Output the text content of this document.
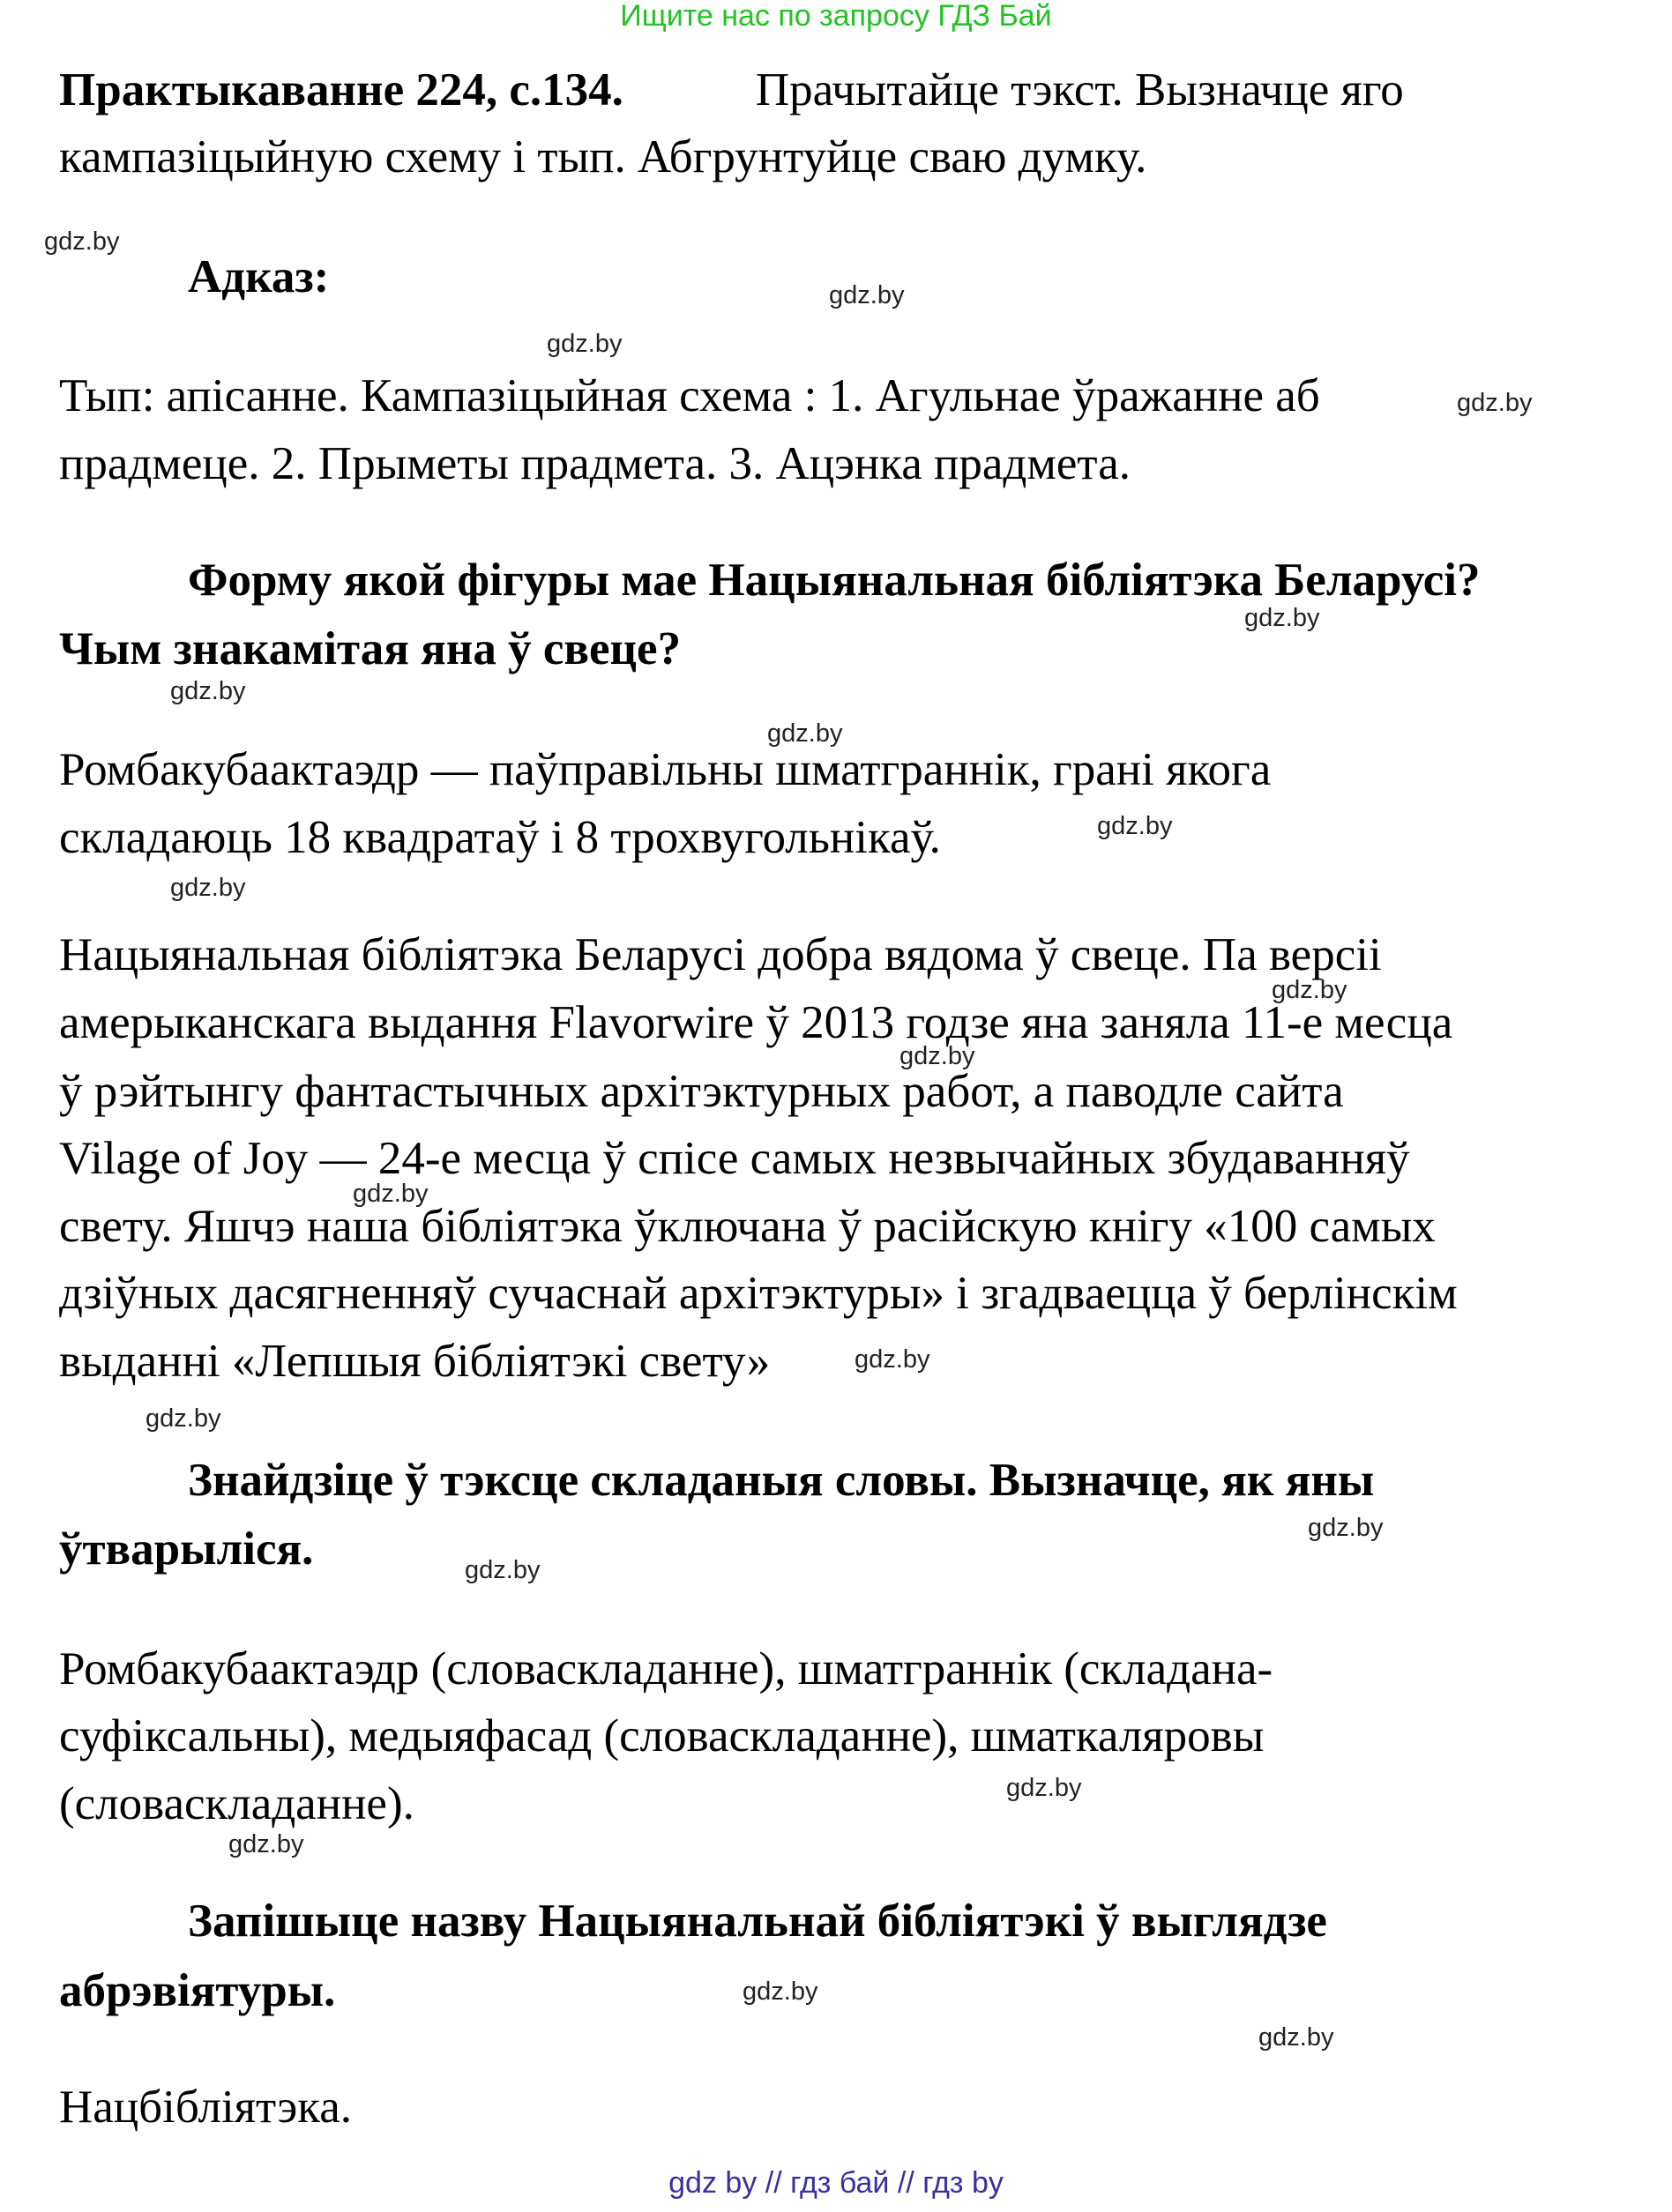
Ищите нас по запросу ГДЗ Бай
Практыкаванне 224, с.134.	Прачытайце тэкст. Вызначце яго
кампазіцыйную схему і тып. Абгрунтуйце сваю думку.
Адказ:
Тып: апісанне. Кампазіцыйная схема : 1. Агульнае ўражанне аб
прадмеце. 2. Прыметы прадмета. 3. Ацэнка прадмета.
Форму якой фігуры мае Нацыянальная бібліятэка Беларусі?
Чым знакамітая яна ў свеце?
Ромбакубаактаэдр — паўправільны шматграннік, грані якога
складаюць 18 квадратаў і 8 трохвугольнікаў.
Нацыянальная бібліятэка Беларусі добра вядома ў свеце. Па версіі
амерыканскага выдання Flavorwire ў 2013 годзе яна заняла 11-е месца
ў рэйтынгу фантастычных архітэктурных работ, а паводле сайта
Vilage of Joy — 24-е месца ў спісе самых незвычайных збудаванняў
свету. Яшчэ наша бібліятэка ўключана ў расійскую кнігу «100 самых
дзіўных дасягненняў сучаснай архітэктуры» і згадваецца ў берлінскім
выданні «Лепшыя бібліятэкі свету»
Знайдзіце ў тэксце складаныя словы. Вызначце, як яны
ўтварыліся.
Ромбакубаактаэдр (словаскладанне), шматграннік (складана-
суфіксальны), медыяфасад (словаскладанне), шматкаляровы
(словаскладанне).
Запішыце назву Нацыянальнай бібліятэкі ў выглядзе
абрэвіятуры.
Нацбібліятэка.
gdz.by
gdz.by
gdz.by
gdz.by
gdz.by
gdz.by
gdz.by
gdz.by
gdz.by
gdz.by
gdz.by
gdz.by
gdz.by
gdz.by
gdz.by
gdz.by
gdz.by
gdz.by
gdz.by
gdz.by
gdz by // гдз бай // гдз by
